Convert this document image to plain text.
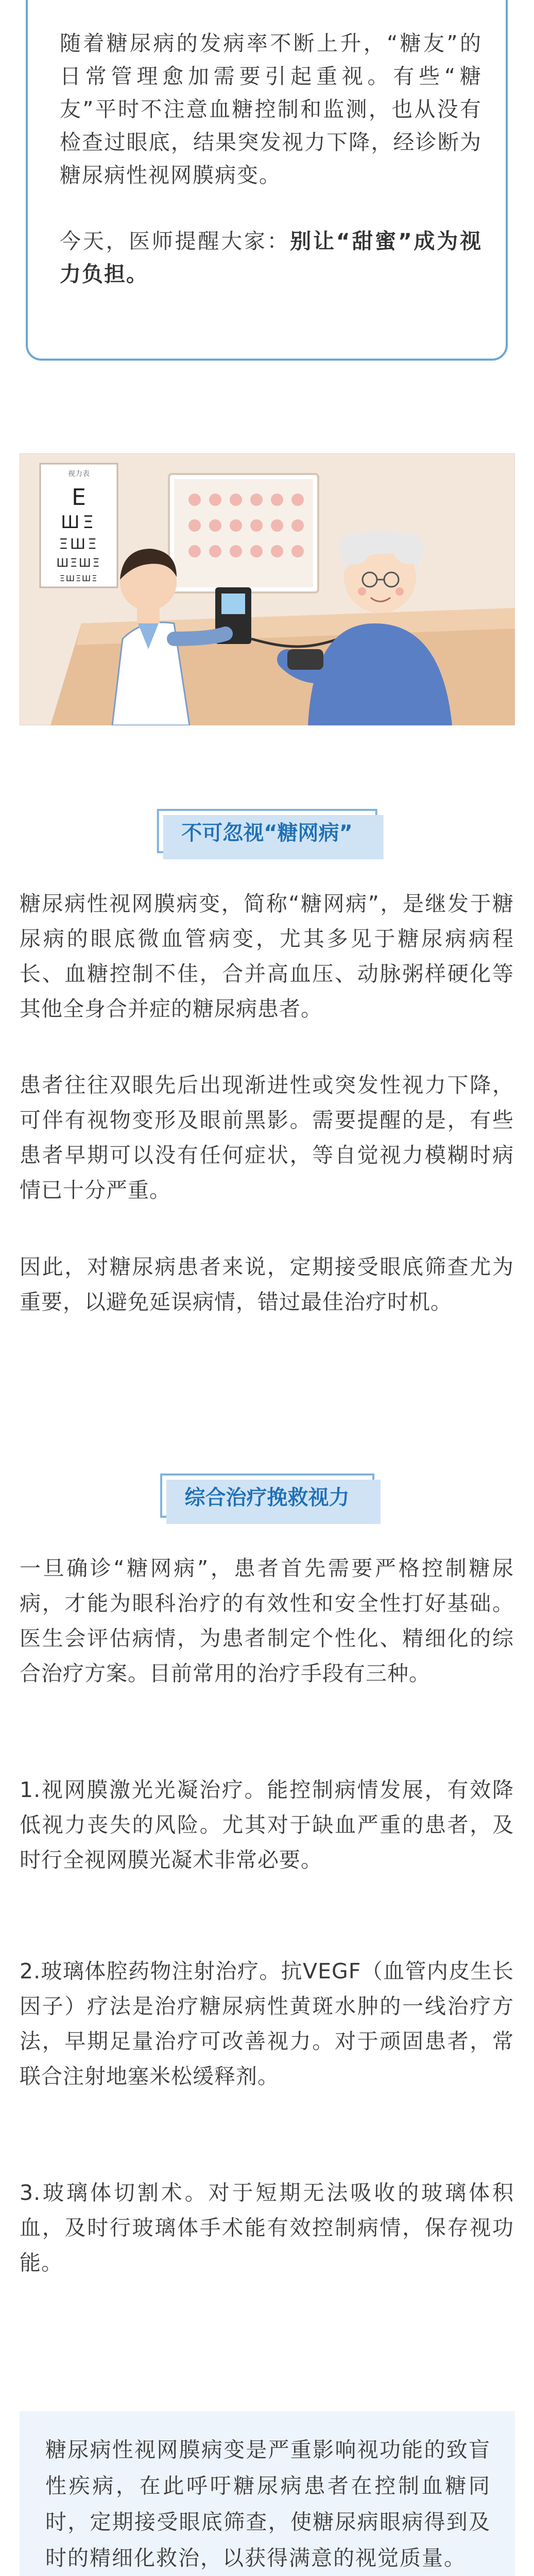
随着糖尿病的发病率不断上升，“糖友”的日常管理愈加需要引起重视。有些“糖友”平时不注意血糖控制和监测，也从没有检查过眼底，结果突发视力下降，经诊断为糖尿病性视网膜病变。
今天，医师提醒大家：别让“甜蜜”成为视力负担。
视力表
E
ШΞ
ΞШΞ
ШΞШΞ
ΞШΞШΞ
不可忽视“糖网病”

糖尿病性视网膜病变，简称“糖网病”，是继发于糖尿病的眼底微血管病变，尤其多见于糖尿病病程长、血糖控制不佳，合并高血压、动脉粥样硬化等其他全身合并症的糖尿病患者。

患者往往双眼先后出现渐进性或突发性视力下降，可伴有视物变形及眼前黑影。需要提醒的是，有些患者早期可以没有任何症状，等自觉视力模糊时病情已十分严重。

因此，对糖尿病患者来说，定期接受眼底筛查尤为重要，以避免延误病情，错过最佳治疗时机。

综合治疗挽救视力

一旦确诊“糖网病”，患者首先需要严格控制糖尿病，才能为眼科治疗的有效性和安全性打好基础。医生会评估病情，为患者制定个性化、精细化的综合治疗方案。目前常用的治疗手段有三种。

1.视网膜激光光凝治疗。能控制病情发展，有效降低视力丧失的风险。尤其对于缺血严重的患者，及时行全视网膜光凝术非常必要。

2.玻璃体腔药物注射治疗。抗VEGF（血管内皮生长因子）疗法是治疗糖尿病性黄斑水肿的一线治疗方法，早期足量治疗可改善视力。对于顽固患者，常联合注射地塞米松缓释剂。

3.玻璃体切割术。对于短期无法吸收的玻璃体积血，及时行玻璃体手术能有效控制病情，保存视功能。

糖尿病性视网膜病变是严重影响视功能的致盲性疾病，在此呼吁糖尿病患者在控制血糖同时，定期接受眼底筛查，使糖尿病眼病得到及时的精细化救治，以获得满意的视觉质量。
